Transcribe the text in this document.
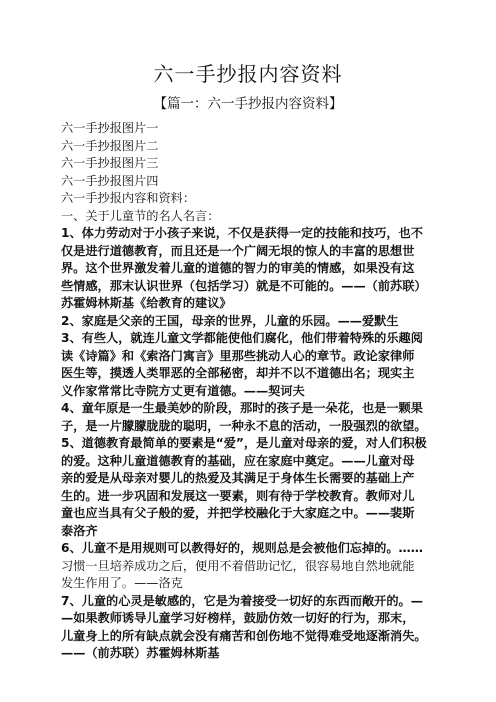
六一手抄报内容资料
【篇一：六一手抄报内容资料】
六一手抄报图片一
六一手抄报图片二
六一手抄报图片三
六一手抄报图片四
六一手抄报内容和资料：
一、关于儿童节的名人名言：
1、体力劳动对于小孩子来说，不仅是获得一定的技能和技巧，也不
仅是进行道德教育，而且还是一个广阔无垠的惊人的丰富的思想世
界。这个世界激发着儿童的道德的智力的审美的情感，如果没有这
些情感，那末认识世界（包括学习）就是不可能的。——（前苏联）
苏霍姆林斯基《给教育的建议》
2、家庭是父亲的王国，母亲的世界，儿童的乐园。——爱默生
3、有些人，就连儿童文学都能使他们腐化，他们带着特殊的乐趣阅
读《诗篇》和《索洛门寓言》里那些挑动人心的章节。政论家律师
医生等，摸透人类罪恶的全部秘密，却并不以不道德出名；现实主
义作家常常比寺院方丈更有道德。——契诃夫
4、童年原是一生最美妙的阶段，那时的孩子是一朵花，也是一颗果
子，是一片朦朦胧胧的聪明，一种永不息的活动，一股强烈的欲望。
5、道德教育最简单的要素是“爱”，是儿童对母亲的爱，对人们积极
的爱。这种儿童道德教育的基础，应在家庭中奠定。——儿童对母
亲的爱是从母亲对婴儿的热爱及其满足于身体生长需要的基础上产
生的。进一步巩固和发展这一要素，则有待于学校教育。教师对儿
童也应当具有父子般的爱，并把学校融化于大家庭之中。——裴斯
泰洛齐
6、儿童不是用规则可以教得好的，规则总是会被他们忘掉的。……
习惯一旦培养成功之后，便用不着借助记忆，很容易地自然地就能
发生作用了。——洛克
7、儿童的心灵是敏感的，它是为着接受一切好的东西而敞开的。—
—如果教师诱导儿童学习好榜样，鼓励仿效一切好的行为，那末，
儿童身上的所有缺点就会没有痛苦和创伤地不觉得难受地逐渐消失。
——（前苏联）苏霍姆林斯基
